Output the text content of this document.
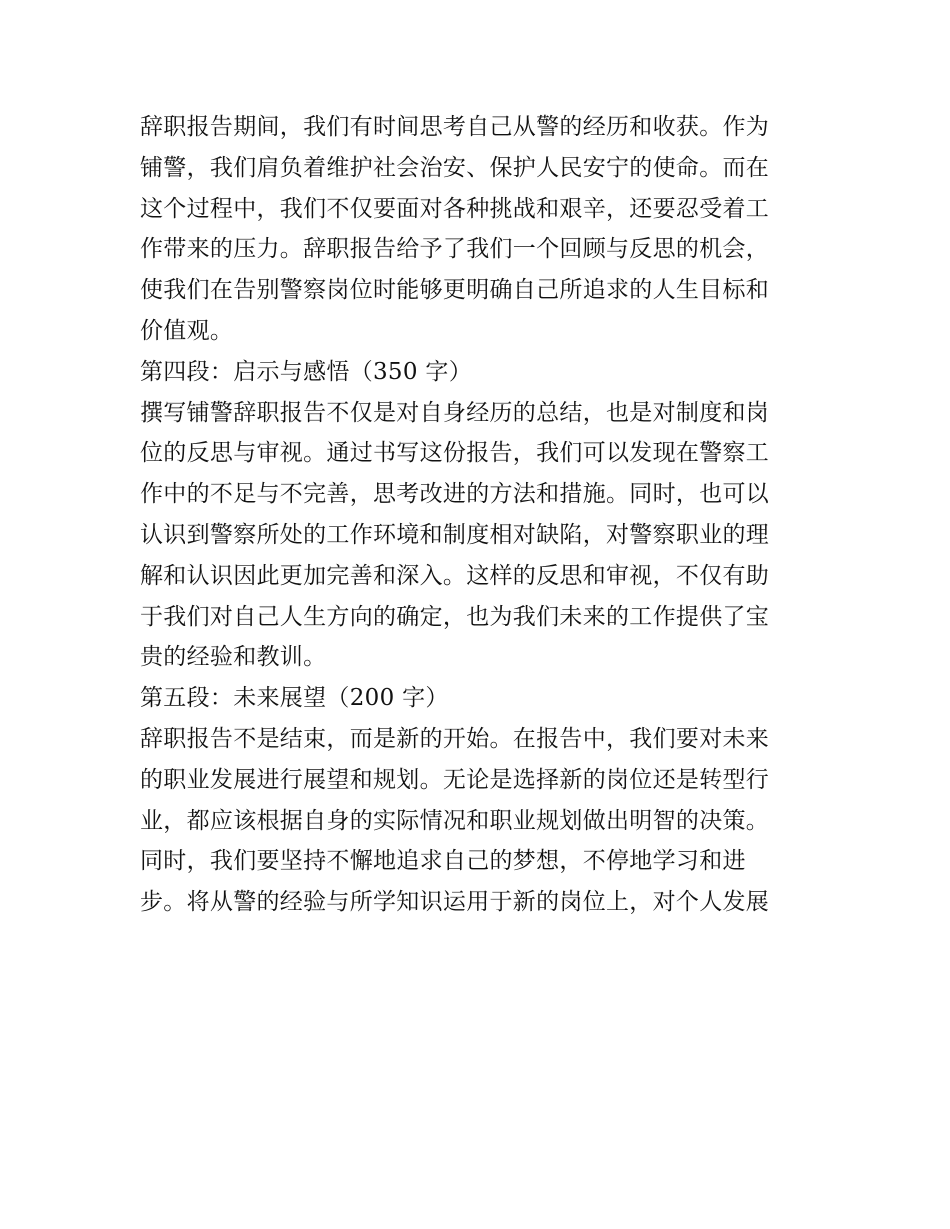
辞职报告期间，我们有时间思考自己从警的经历和收获。作为
铺警，我们肩负着维护社会治安、保护人民安宁的使命。而在
这个过程中，我们不仅要面对各种挑战和艰辛，还要忍受着工
作带来的压力。辞职报告给予了我们一个回顾与反思的机会，
使我们在告别警察岗位时能够更明确自己所追求的人生目标和
价值观。
第四段：启示与感悟（350 字）
撰写铺警辞职报告不仅是对自身经历的总结，也是对制度和岗
位的反思与审视。通过书写这份报告，我们可以发现在警察工
作中的不足与不完善，思考改进的方法和措施。同时，也可以
认识到警察所处的工作环境和制度相对缺陷，对警察职业的理
解和认识因此更加完善和深入。这样的反思和审视，不仅有助
于我们对自己人生方向的确定，也为我们未来的工作提供了宝
贵的经验和教训。
第五段：未来展望（200 字）
辞职报告不是结束，而是新的开始。在报告中，我们要对未来
的职业发展进行展望和规划。无论是选择新的岗位还是转型行
业，都应该根据自身的实际情况和职业规划做出明智的决策。
同时，我们要坚持不懈地追求自己的梦想，不停地学习和进
步。将从警的经验与所学知识运用于新的岗位上，对个人发展
